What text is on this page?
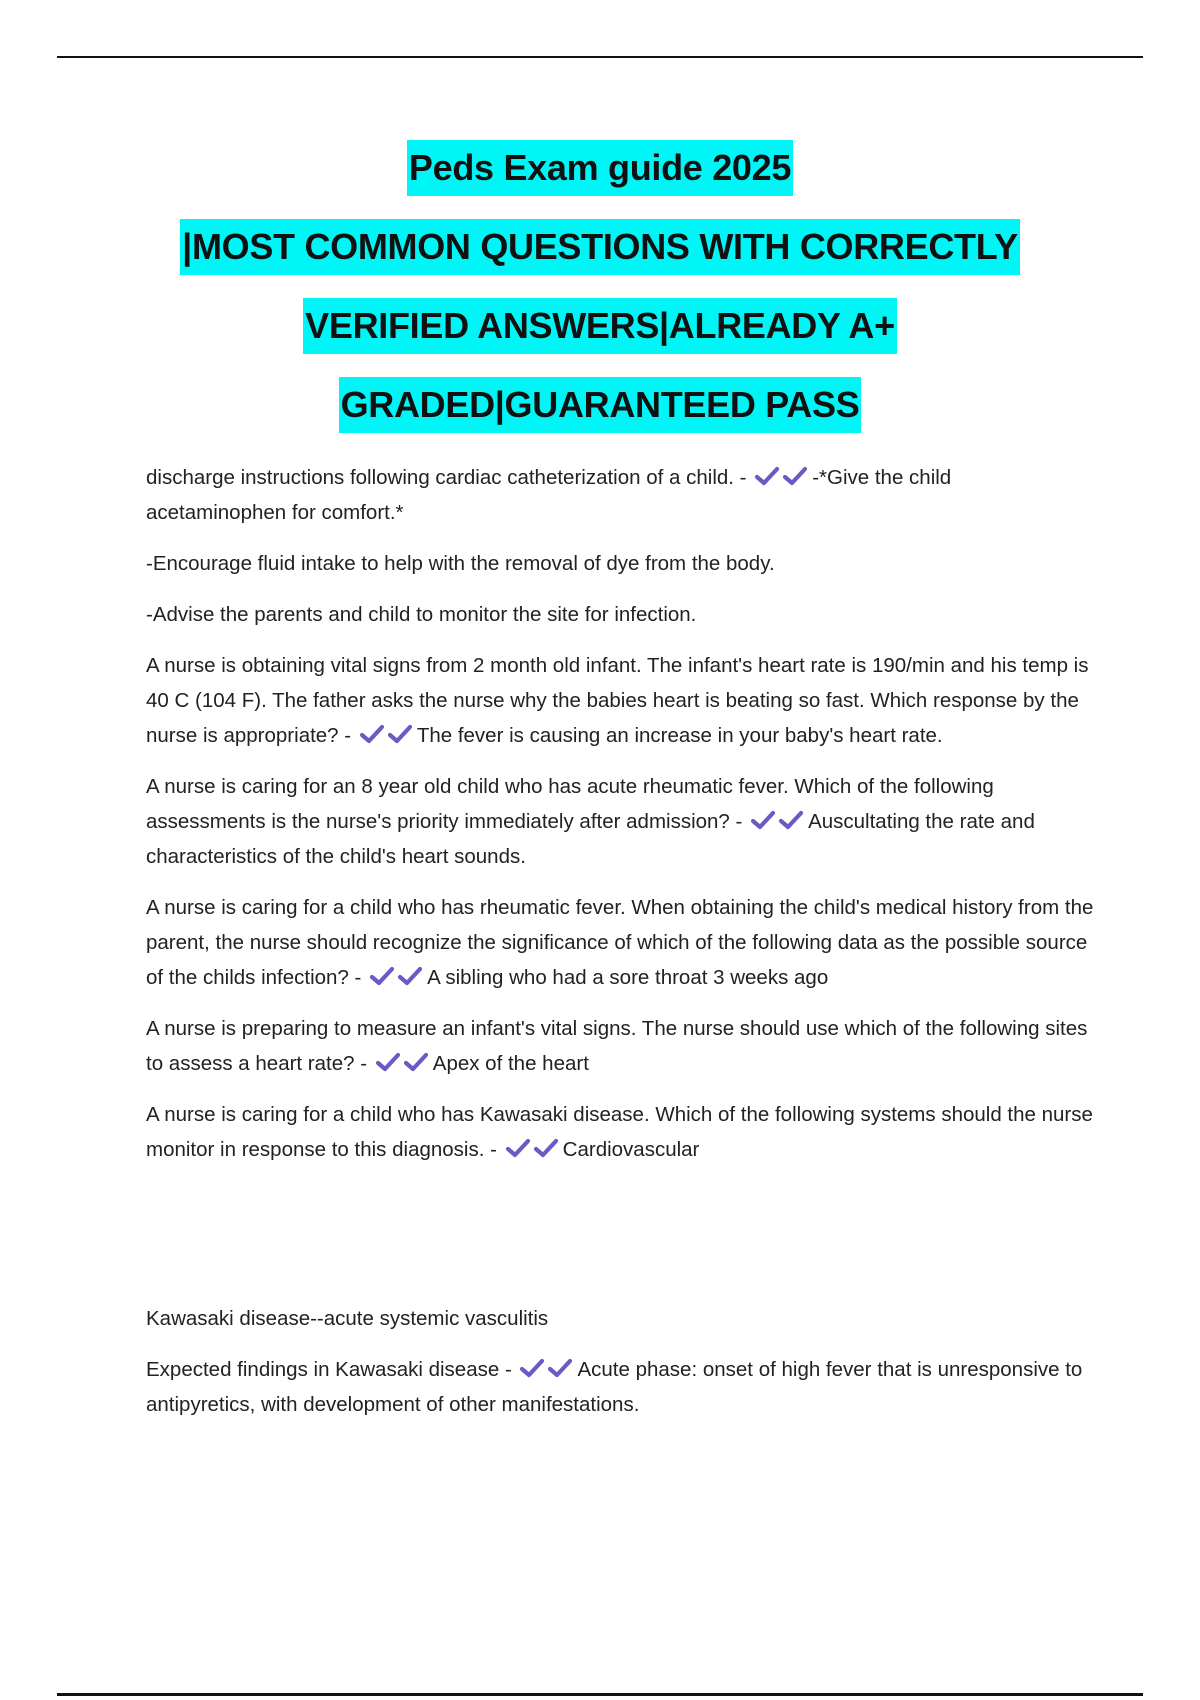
Peds Exam guide 2025
|MOST COMMON QUESTIONS WITH CORRECTLY
VERIFIED ANSWERS|ALREADY A+
GRADED|GUARANTEED PASS

discharge instructions following cardiac catheterization of a child. -	-*Give the child acetaminophen for comfort.*

-Encourage fluid intake to help with the removal of dye from the body.

-Advise the parents and child to monitor the site for infection.

A nurse is obtaining vital signs from 2 month old infant. The infant's heart rate is 190/min and his temp is 40 C (104 F). The father asks the nurse why the babies heart is beating so fast. Which response by the nurse is appropriate? -	The fever is causing an increase in your baby's heart rate.

A nurse is caring for an 8 year old child who has acute rheumatic fever. Which of the following assessments is the nurse's priority immediately after admission? -	Auscultating the rate and characteristics of the child's heart sounds.

A nurse is caring for a child who has rheumatic fever. When obtaining the child's medical history from the parent, the nurse should recognize the significance of which of the following data as the possible source of the childs infection? -	A sibling who had a sore throat 3 weeks ago

A nurse is preparing to measure an infant's vital signs. The nurse should use which of the following sites to assess a heart rate? -	Apex of the heart

A nurse is caring for a child who has Kawasaki disease. Which of the following systems should the nurse monitor in response to this diagnosis. -	Cardiovascular

Kawasaki disease--acute systemic vasculitis

Expected findings in Kawasaki disease -	Acute phase: onset of high fever that is unresponsive to antipyretics, with development of other manifestations.
